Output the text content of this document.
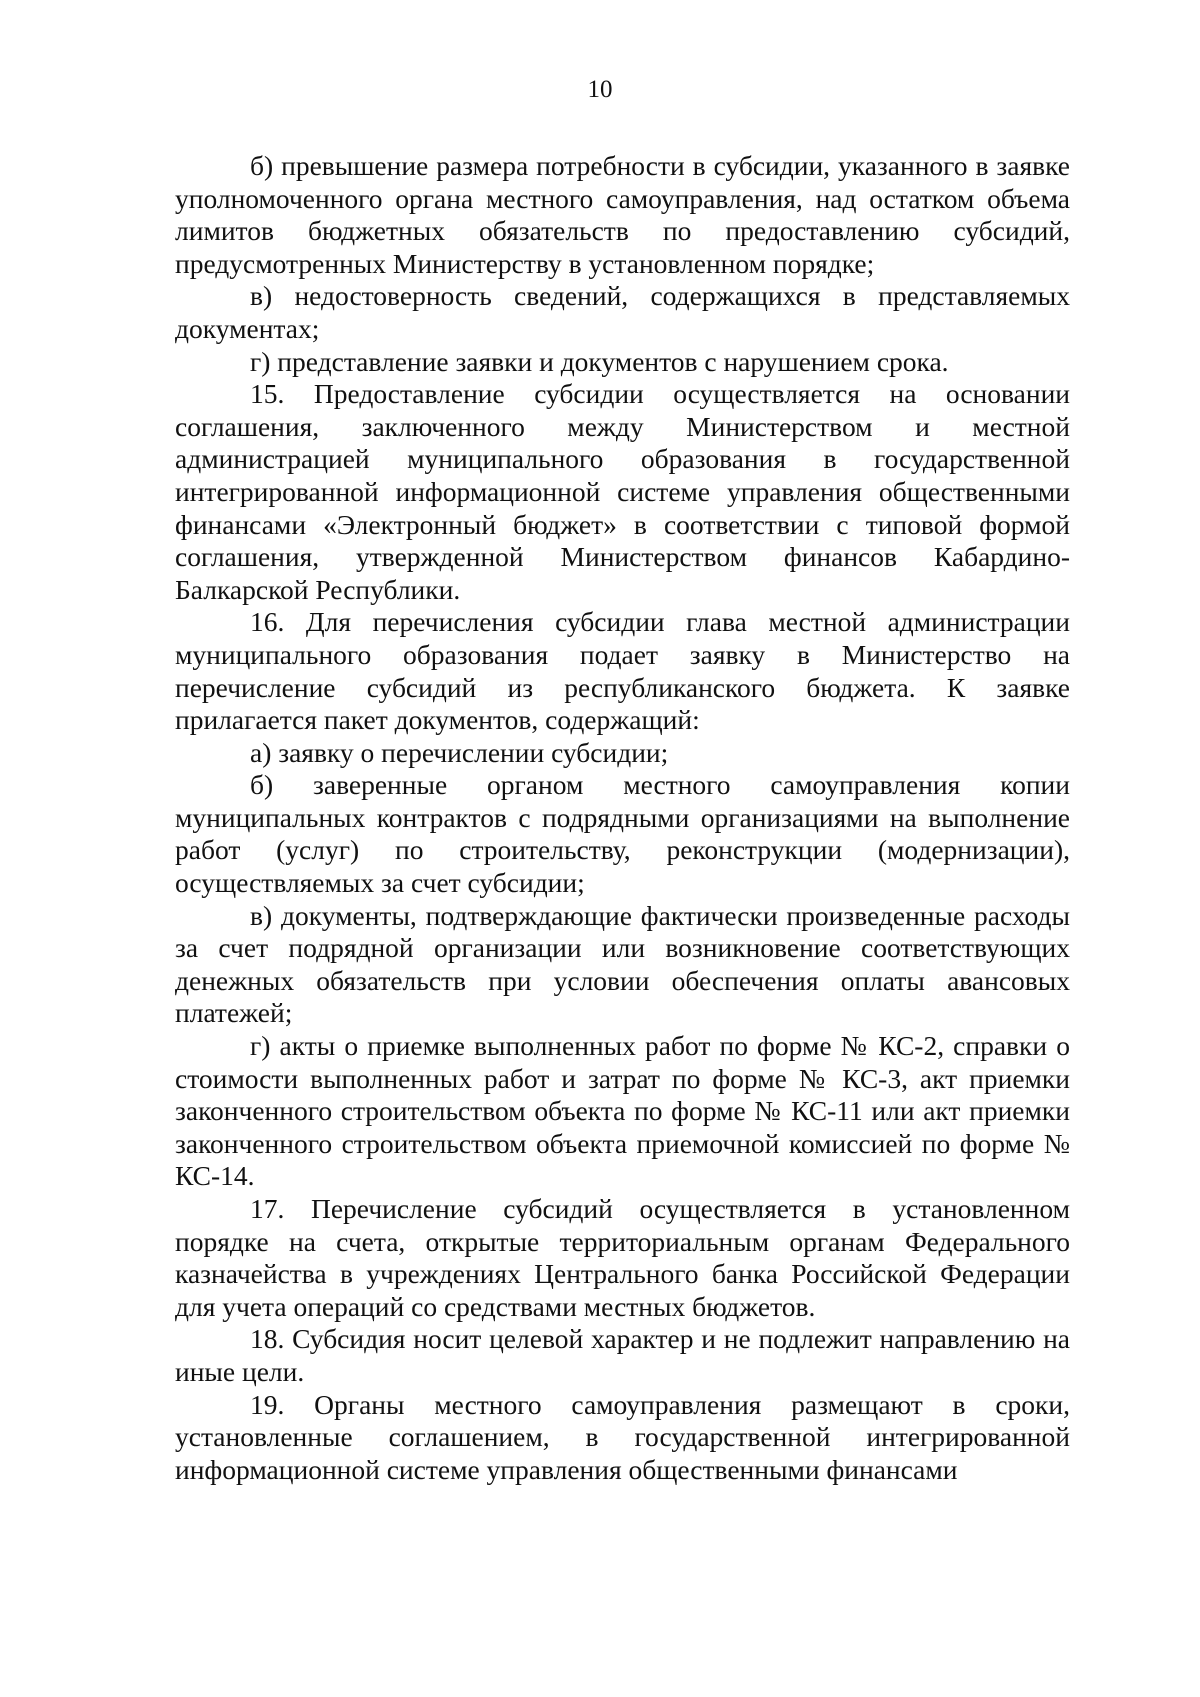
10

б) превышение размера потребности в субсидии, указанного в заявке уполномоченного органа местного самоуправления, над остатком объема лимитов бюджетных обязательств по предоставлению субсидий, предусмотренных Министерству в установленном порядке;

в) недостоверность сведений, содержащихся в представляемых документах;

г) представление заявки и документов с нарушением срока.

15. Предоставление субсидии осуществляется на основании соглашения, заключенного между Министерством и местной администрацией муниципального образования в государственной интегрированной информационной системе управления общественными финансами «Электронный бюджет» в соответствии с типовой формой соглашения, утвержденной Министерством финансов Кабардино-Балкарской Республики.

16. Для перечисления субсидии глава местной администрации муниципального образования подает заявку в Министерство на перечисление субсидий из республиканского бюджета. К заявке прилагается пакет документов, содержащий:

а) заявку о перечислении субсидии;

б) заверенные органом местного самоуправления копии муниципальных контрактов с подрядными организациями на выполнение работ (услуг) по строительству, реконструкции (модернизации), осуществляемых за счет субсидии;

в) документы, подтверждающие фактически произведенные расходы за счет подрядной организации или возникновение соответствующих денежных обязательств при условии обеспечения оплаты авансовых платежей;

г) акты о приемке выполненных работ по форме № КС-2, справки о стоимости выполненных работ и затрат по форме № КС-3, акт приемки законченного строительством объекта по форме № КС-11 или акт приемки законченного строительством объекта приемочной комиссией по форме № КС-14.

17. Перечисление субсидий осуществляется в установленном порядке на счета, открытые территориальным органам Федерального казначейства в учреждениях Центрального банка Российской Федерации для учета операций со средствами местных бюджетов.

18. Субсидия носит целевой характер и не подлежит направлению на иные цели.

19. Органы местного самоуправления размещают в сроки, установленные соглашением, в государственной интегрированной информационной системе управления общественными финансами
